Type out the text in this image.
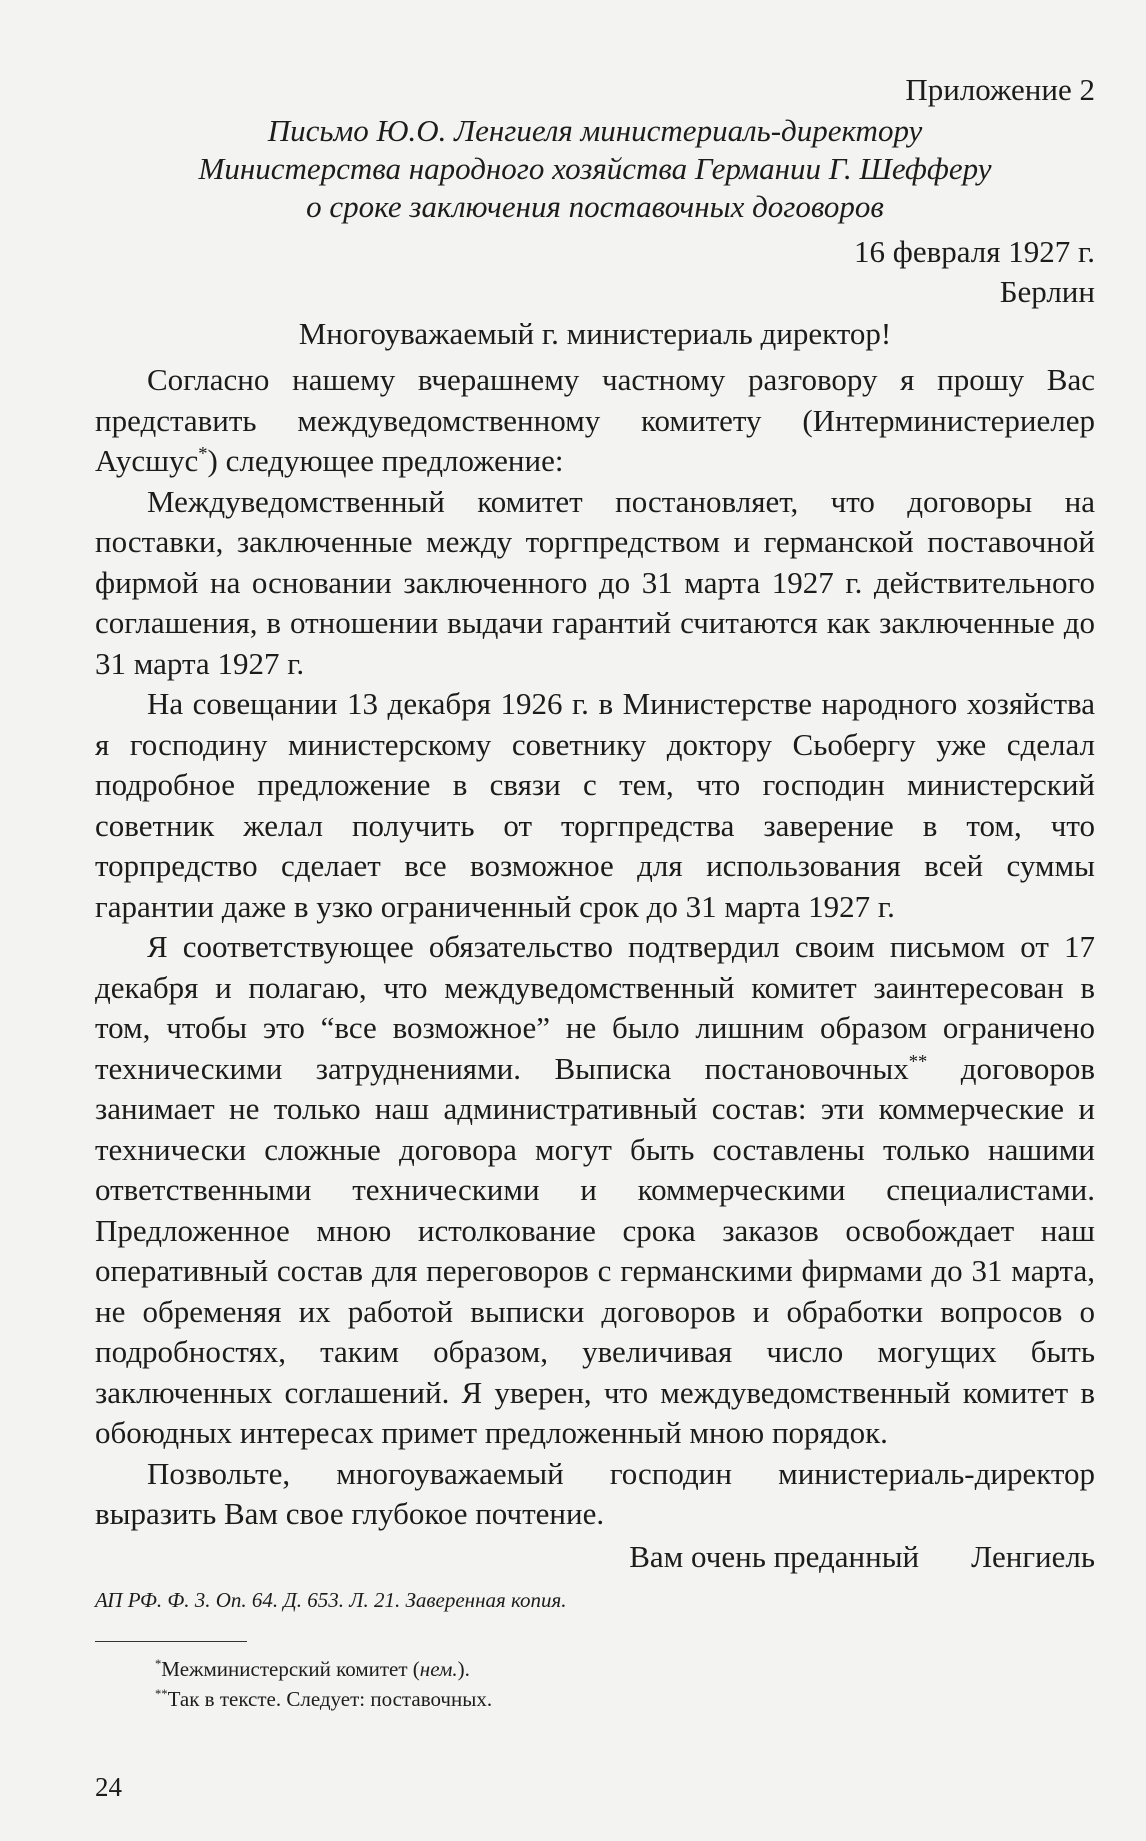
Приложение 2

Письмо Ю.О. Ленгиеля министериаль-директору
Министерства народного хозяйства Германии Г. Шефферу
о сроке заключения поставочных договоров

16 февраля 1927 г.

Берлин

Многоуважаемый г. министериаль директор!

Согласно нашему вчерашнему частному разговору я прошу Вас представить междуведомственному комитету (Интерминистериелер Аусшус*) следующее предложение:

Междуведомственный комитет постановляет, что договоры на поставки, заключенные между торгпредством и германской поставочной фирмой на основании заключенного до 31 марта 1927 г. действительного соглашения, в отношении выдачи гарантий считаются как заключенные до 31 марта 1927 г.

На совещании 13 декабря 1926 г. в Министерстве народного хозяйства я господину министерскому советнику доктору Сьобергу уже сделал подробное предложение в связи с тем, что господин министерский советник желал получить от торгпредства заверение в том, что торпредство сделает все возможное для использования всей суммы гарантии даже в узко ограниченный срок до 31 марта 1927 г.

Я соответствующее обязательство подтвердил своим письмом от 17 декабря и полагаю, что междуведомственный комитет заинтересован в том, чтобы это “все возможное” не было лишним образом ограничено техническими затруднениями. Выписка постановочных** договоров занимает не только наш административный состав: эти коммерческие и технически сложные договора могут быть составлены только нашими ответственными техническими и коммерческими специалистами. Предложенное мною истолкование срока заказов освобождает наш оперативный состав для переговоров с германскими фирмами до 31 марта, не обременяя их работой выписки договоров и обработки вопросов о подробностях, таким образом, увеличивая число могущих быть заключенных соглашений. Я уверен, что междуведомственный комитет в обоюдных интересах примет предложенный мною порядок.

Позвольте, многоуважаемый господин министериаль-директор выразить Вам свое глубокое почтение.

Вам очень преданный Ленгиель
АП РФ. Ф. 3. Оп. 64. Д. 653. Л. 21. Заверенная копия.
*Межминистерский комитет (нем.).
**Так в тексте. Следует: поставочных.
24
